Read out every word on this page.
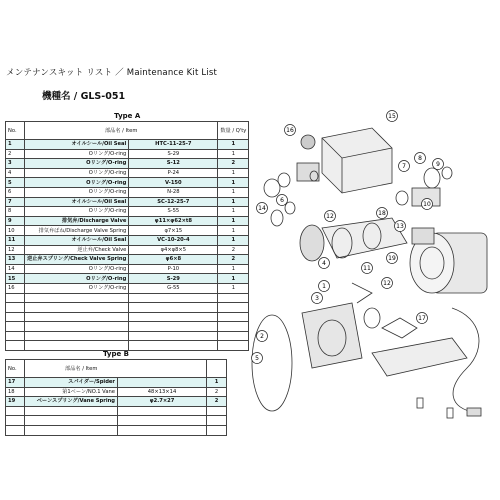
メンテナンスキット リスト ／ Maintenance Kit List
機種名 / GLS-051
Type A			
No.	部品名 / Item		数量 / Q'ty
1	オイルシール/Oil Seal	HTC-11-25-7	1
2	Oリング/O-ring	S-29	1
3	Oリング/O-ring	S-12	2
4	Oリング/O-ring	P-24	1
5	Oリング/O-ring	V-150	1
6	Oリング/O-ring	N-28	1
7	オイルシール/Oil Seal	SC-12-25-7	1
8	Oリング/O-ring	S-55	1
9	排気弁/Discharge Valve	φ11×φ62×t8	1
10	排気弁ばね/Discharge Valve Spring	φ7×15	1
11	オイルシール/Oil Seal	VC-10-20-4	1
12	逆止弁/Check Valve	φ4×φ8×5	2
13	逆止弁スプリング/Check Valve Spring	φ6×8	2
14	Oリング/O-ring	P-10	1
15	Oリング/O-ring	S-29	1
16	Oリング/O-ring	G-55	1

Type B			
No.	部品名 / Item		
17	スパイダー/Spider		1
18	第1ベーン/NO.1 Vane	48×13×14	2
19	ベーンスプリング/Vane Spring	φ2.7×27	2

16
15
8
9
7
6
14
10
12	18
13
19
11
12
4
1
3
2
17
5
